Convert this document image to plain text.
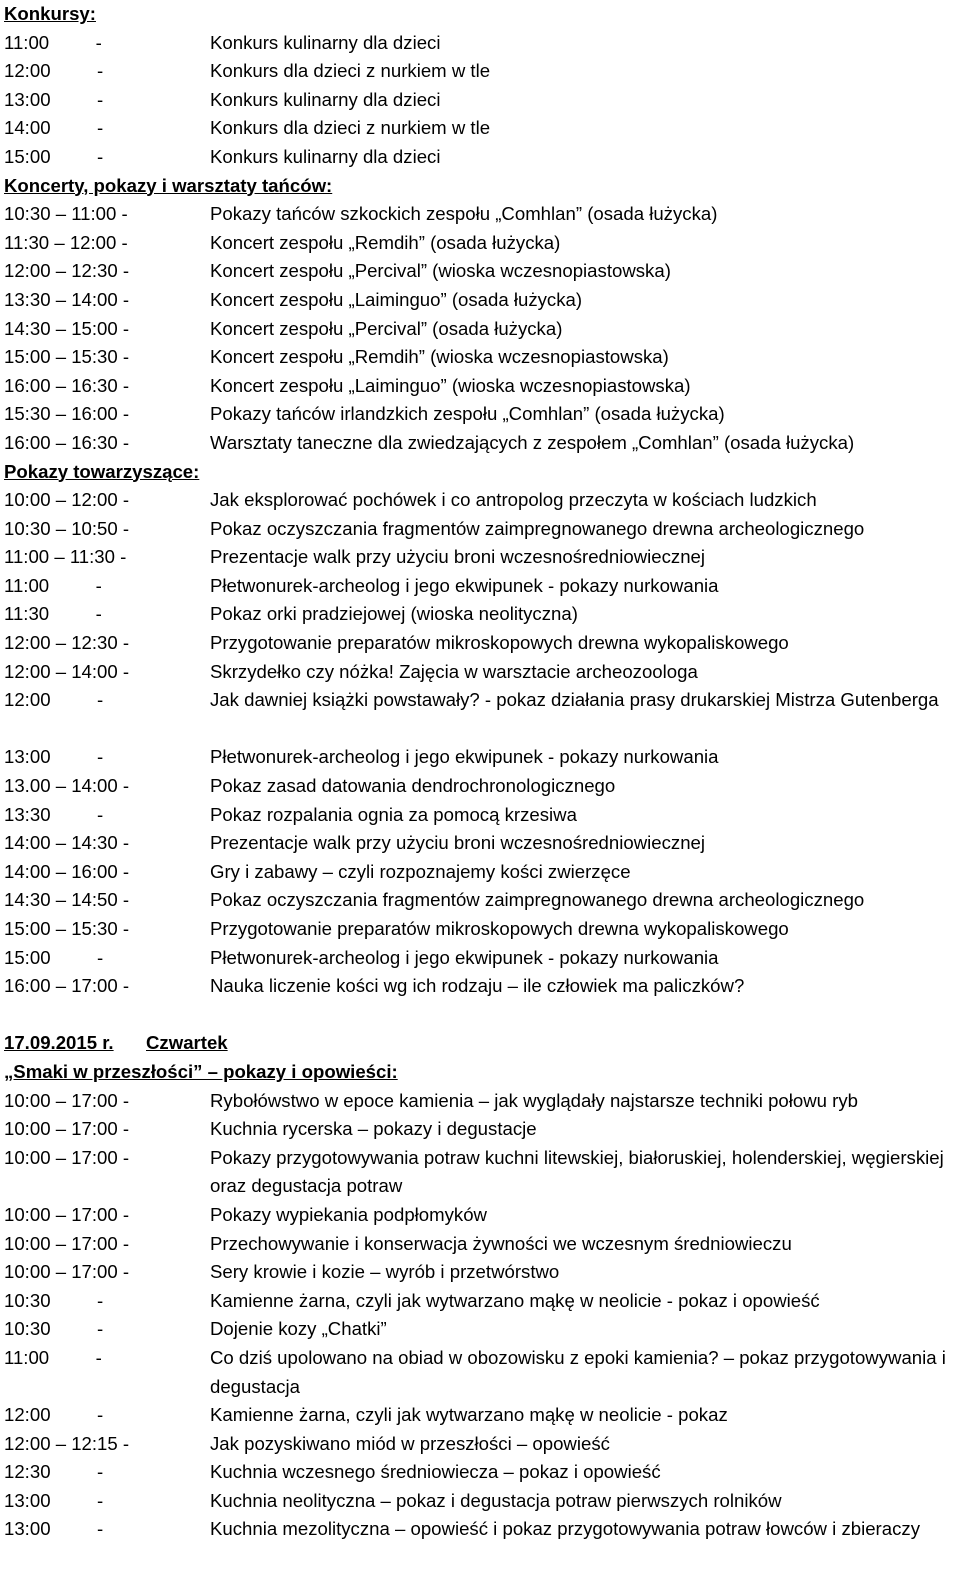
Konkursy:
11:00         -	Konkurs kulinarny dla dzieci
12:00         -	Konkurs dla dzieci z nurkiem w tle
13:00         -	Konkurs kulinarny dla dzieci
14:00         -	Konkurs dla dzieci z nurkiem w tle
15:00         -	Konkurs kulinarny dla dzieci
Koncerty, pokazy i warsztaty tańców:
10:30 – 11:00 -	Pokazy tańców szkockich zespołu „Comhlan” (osada łużycka)
11:30 – 12:00 -	Koncert zespołu „Remdih” (osada łużycka)
12:00 – 12:30 -	Koncert zespołu „Percival” (wioska wczesnopiastowska)
13:30 – 14:00 -	Koncert zespołu „Laiminguo” (osada łużycka)
14:30 – 15:00 -	Koncert zespołu „Percival” (osada łużycka)
15:00 – 15:30 -	Koncert zespołu „Remdih” (wioska wczesnopiastowska)
16:00 – 16:30 -	Koncert zespołu „Laiminguo” (wioska wczesnopiastowska)
15:30 – 16:00 -	Pokazy tańców irlandzkich zespołu „Comhlan” (osada łużycka)
16:00 – 16:30 -	Warsztaty taneczne dla zwiedzających z zespołem „Comhlan” (osada łużycka)
Pokazy towarzyszące:
10:00 – 12:00 -	Jak eksplorować pochówek i co antropolog przeczyta w kościach ludzkich
10:30 – 10:50 -	Pokaz oczyszczania fragmentów zaimpregnowanego drewna archeologicznego
11:00 – 11:30 -	Prezentacje walk przy użyciu broni wczesnośredniowiecznej
11:00         -	Płetwonurek-archeolog i jego ekwipunek - pokazy nurkowania
11:30         -	Pokaz orki pradziejowej (wioska neolityczna)
12:00 – 12:30 -	Przygotowanie preparatów mikroskopowych drewna wykopaliskowego
12:00 – 14:00 -	Skrzydełko czy nóżka! Zajęcia w warsztacie archeozoologa
12:00         -	Jak dawniej książki powstawały? - pokaz działania prasy drukarskiej Mistrza Gutenberga
13:00         -	Płetwonurek-archeolog i jego ekwipunek - pokazy nurkowania
13.00 – 14:00 -	Pokaz zasad datowania dendrochronologicznego
13:30         -	Pokaz rozpalania ognia za pomocą krzesiwa
14:00 – 14:30 -	Prezentacje walk przy użyciu broni wczesnośredniowiecznej
14:00 – 16:00 -	Gry i zabawy – czyli rozpoznajemy kości zwierzęce
14:30 – 14:50 -	Pokaz oczyszczania fragmentów zaimpregnowanego drewna archeologicznego
15:00 – 15:30 -	Przygotowanie preparatów mikroskopowych drewna wykopaliskowego
15:00         -	Płetwonurek-archeolog i jego ekwipunek - pokazy nurkowania
16:00 – 17:00 -	Nauka liczenie kości wg ich rodzaju – ile człowiek ma paliczków?
17.09.2015 r.	Czwartek
„Smaki w przeszłości” – pokazy i opowieści:
10:00 – 17:00 -	Rybołówstwo w epoce kamienia – jak wyglądały najstarsze techniki połowu ryb
10:00 – 17:00 -	Kuchnia rycerska – pokazy i degustacje
10:00 – 17:00 -	Pokazy przygotowywania potraw kuchni litewskiej, białoruskiej, holenderskiej, węgierskiej oraz degustacja potraw
10:00 – 17:00 -	Pokazy wypiekania podpłomyków
10:00 – 17:00 -	Przechowywanie i konserwacja żywności we wczesnym średniowieczu
10:00 – 17:00 -	Sery krowie i kozie – wyrób i przetwórstwo
10:30         -	Kamienne żarna, czyli jak wytwarzano mąkę w neolicie - pokaz i opowieść
10:30         -	Dojenie kozy „Chatki”
11:00         -	Co dziś upolowano na obiad w obozowisku z epoki kamienia? – pokaz przygotowywania i degustacja
12:00         -	Kamienne żarna, czyli jak wytwarzano mąkę w neolicie - pokaz
12:00 – 12:15 -	Jak pozyskiwano miód w przeszłości – opowieść
12:30         -	Kuchnia wczesnego średniowiecza – pokaz i opowieść
13:00         -	Kuchnia neolityczna – pokaz i degustacja potraw pierwszych rolników
13:00         -	Kuchnia mezolityczna – opowieść i pokaz przygotowywania potraw łowców i zbieraczy
